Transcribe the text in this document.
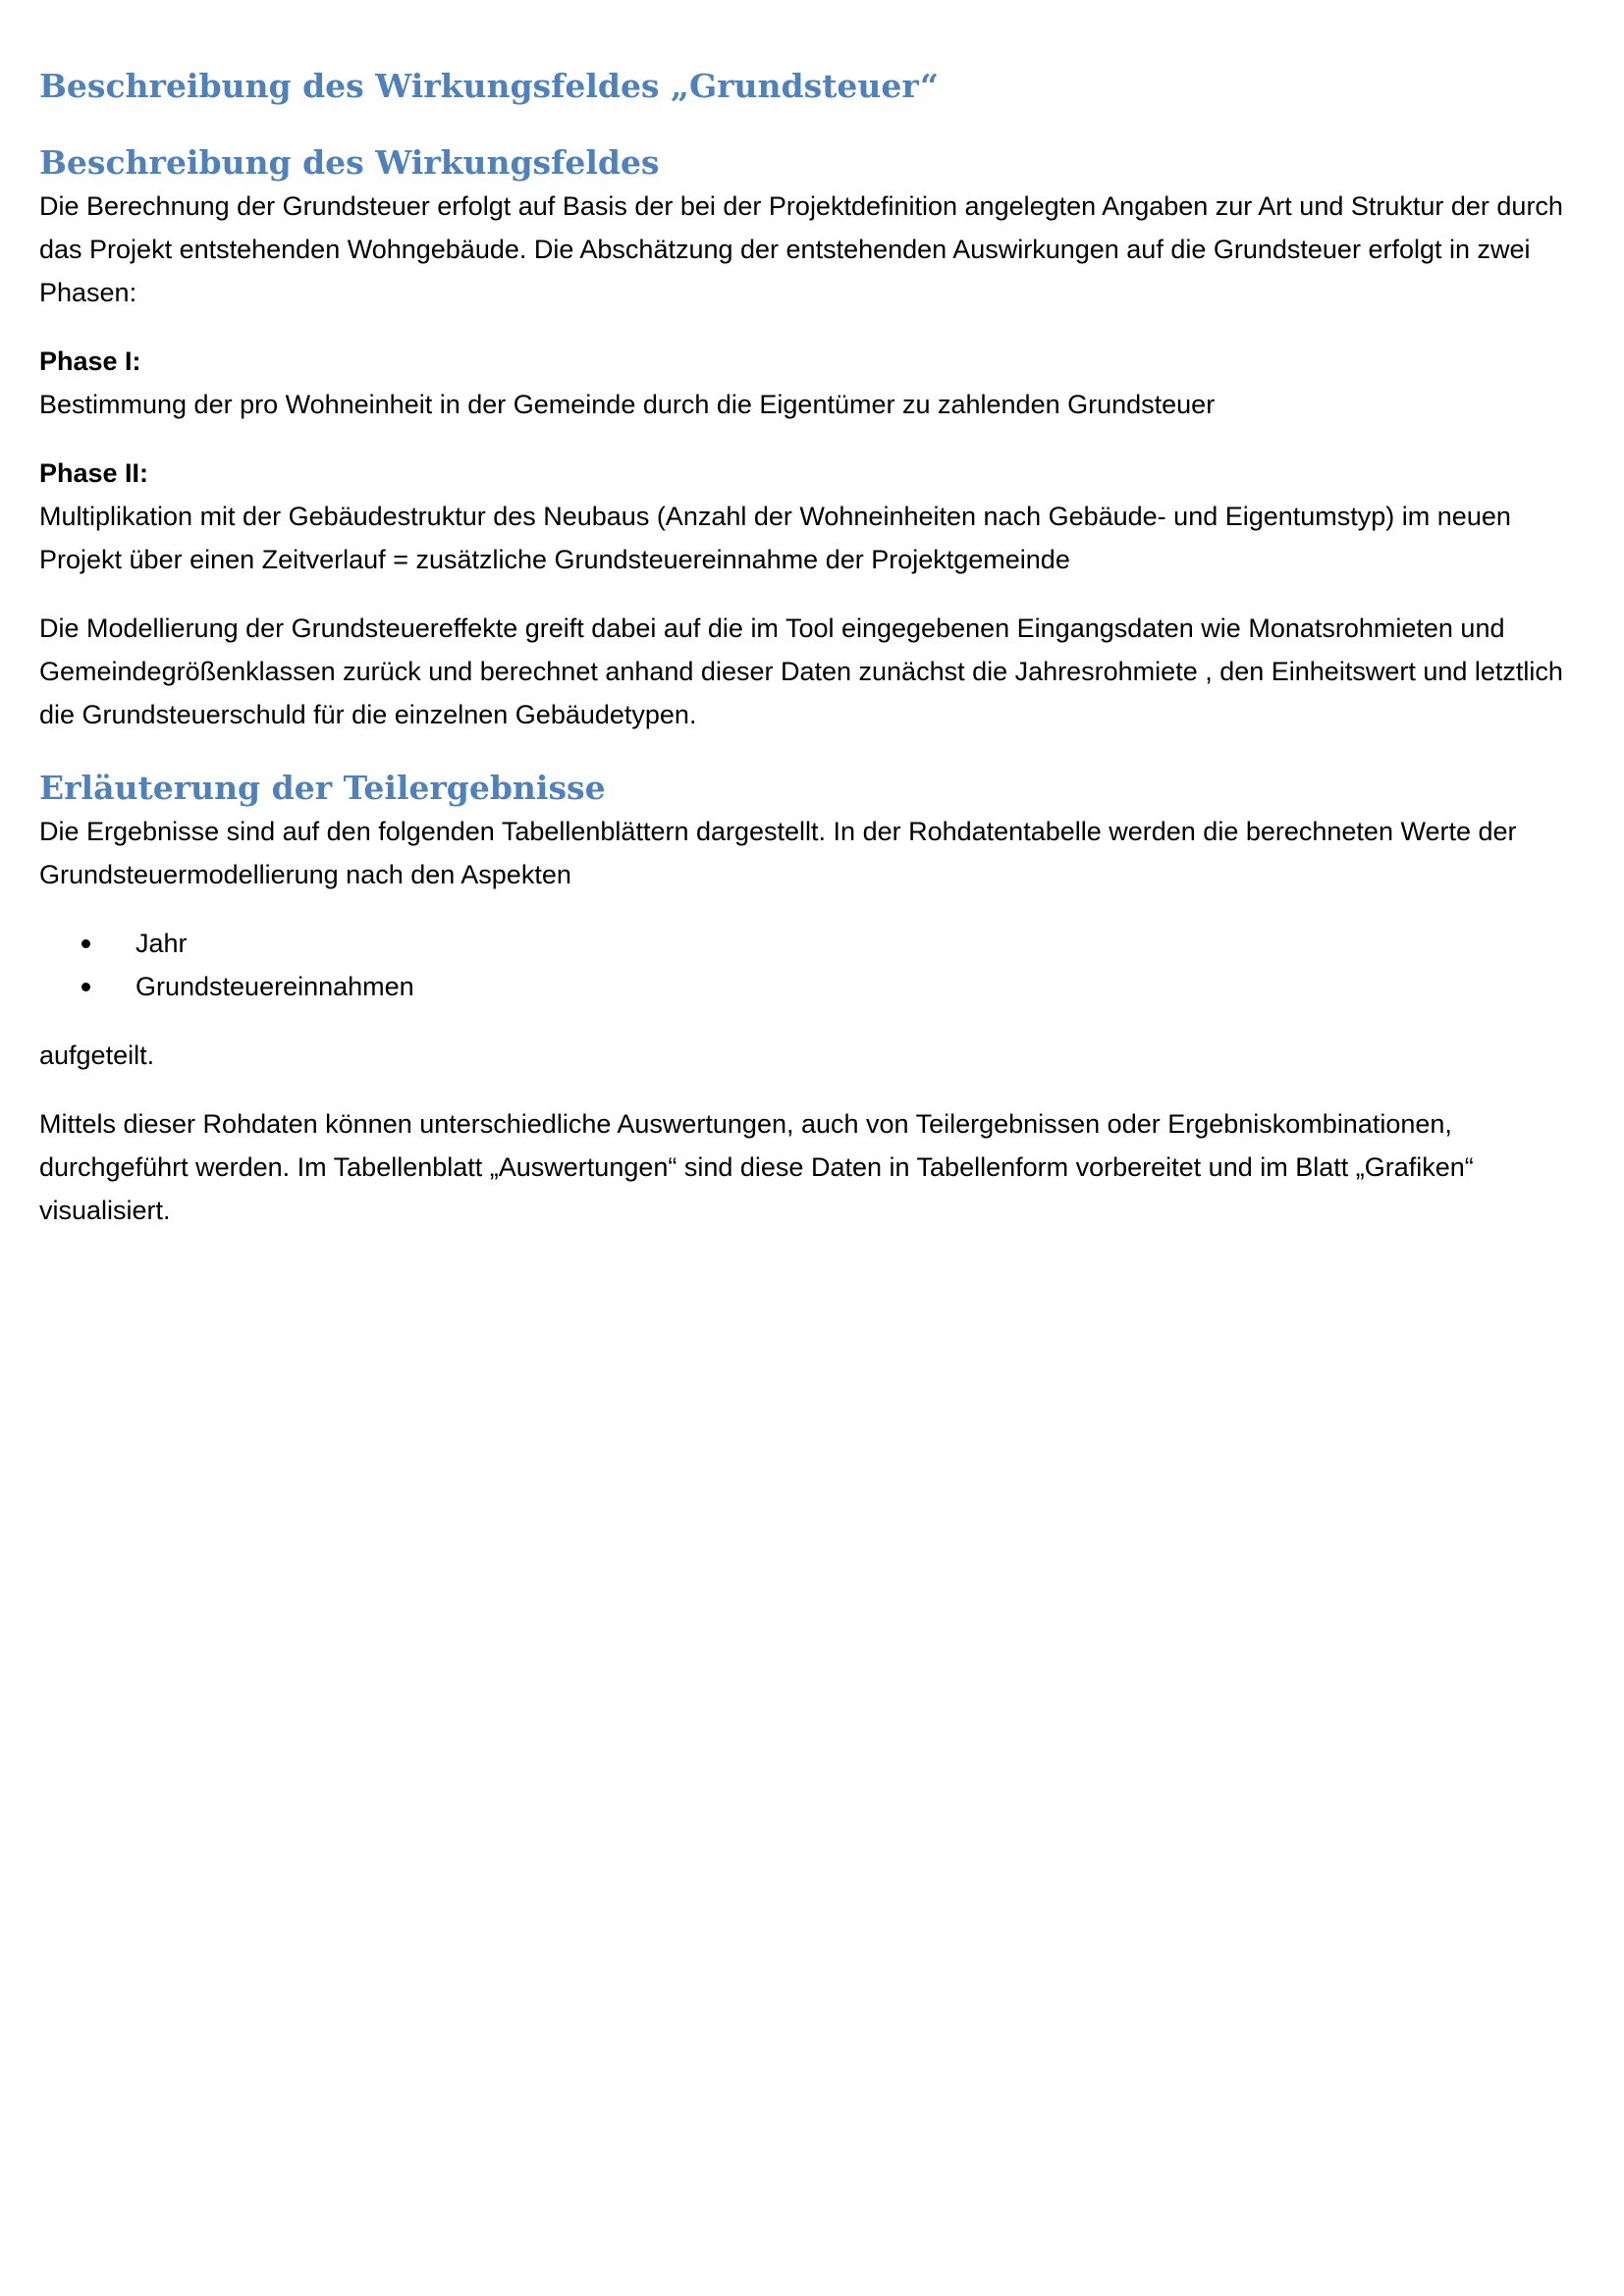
Beschreibung des Wirkungsfeldes „Grundsteuer“
Beschreibung des Wirkungsfeldes

Die Berechnung der Grundsteuer erfolgt auf Basis der bei der Projektdefinition angelegten Angaben zur Art und Struktur der durch das Projekt entstehenden Wohngebäude. Die Abschätzung der entstehenden Auswirkungen auf die Grundsteuer erfolgt in zwei Phasen:

Phase I:

Bestimmung der pro Wohneinheit in der Gemeinde durch die Eigentümer zu zahlenden Grundsteuer

Phase II:

Multiplikation mit der Gebäudestruktur des Neubaus (Anzahl der Wohneinheiten nach Gebäude- und Eigentumstyp) im neuen Projekt über einen Zeitverlauf = zusätzliche Grundsteuereinnahme der Projektgemeinde

Die Modellierung der Grundsteuereffekte greift dabei auf die im Tool eingegebenen Eingangsdaten wie Monatsrohmieten und Gemeindegrößenklassen zurück und berechnet anhand dieser Daten zunächst die Jahresrohmiete , den Einheitswert und letztlich die Grundsteuerschuld für die einzelnen Gebäudetypen.

Erläuterung der Teilergebnisse

Die Ergebnisse sind auf den folgenden Tabellenblättern dargestellt. In der Rohdatentabelle werden die berechneten Werte der Grundsteuermodellierung nach den Aspekten

Jahr
Grundsteuereinnahmen

aufgeteilt.

Mittels dieser Rohdaten können unterschiedliche Auswertungen, auch von Teilergebnissen oder Ergebniskombinationen, durchgeführt werden. Im Tabellenblatt „Auswertungen“ sind diese Daten in Tabellenform vorbereitet und im Blatt „Grafiken“ visualisiert.
